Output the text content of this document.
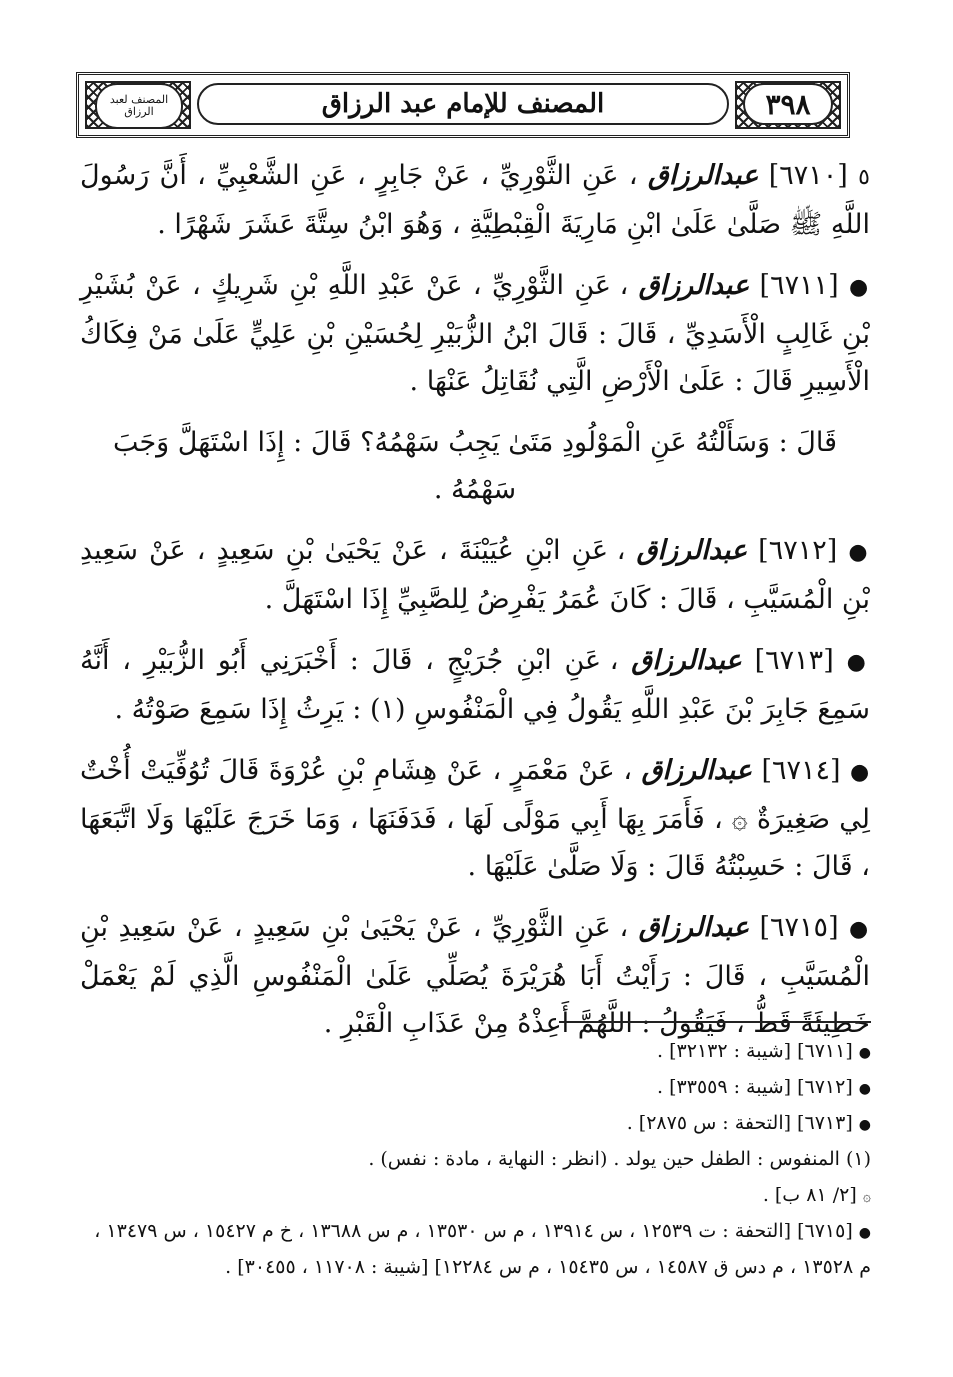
المصنف لعبد الرزاق	المصنف للإمام عبد الرزاق	٣٩٨

٥ [٦٧١٠] عبدالرزاق ، عَنِ الثَّوْرِيِّ ، عَنْ جَابِرٍ ، عَنِ الشَّعْبِيِّ ، أَنَّ رَسُولَ اللَّهِ ﷺ صَلَّىٰ عَلَىٰ ابْنِ مَارِيَةَ الْقِبْطِيَّةِ ، وَهُوَ ابْنُ سِتَّةَ عَشَرَ شَهْرًا .

● [٦٧١١] عبدالرزاق ، عَنِ الثَّوْرِيِّ ، عَنْ عَبْدِ اللَّهِ بْنِ شَرِيكٍ ، عَنْ بُشَيْرِ بْنِ غَالِبٍ الْأَسَدِيِّ ، قَالَ : قَالَ ابْنُ الزُّبَيْرِ لِحُسَيْنِ بْنِ عَلِيٍّ عَلَىٰ مَنْ فِكَاكُ الْأَسِيرِ قَالَ : عَلَىٰ الْأَرْضِ الَّتِي نُقَاتِلُ عَنْهَا .

قَالَ : وَسَأَلْتُهُ عَنِ الْمَوْلُودِ مَتَىٰ يَجِبُ سَهْمُهُ؟ قَالَ : إِذَا اسْتَهَلَّ وَجَبَ سَهْمُهُ .

● [٦٧١٢] عبدالرزاق ، عَنِ ابْنِ عُيَيْنَةَ ، عَنْ يَحْيَىٰ بْنِ سَعِيدٍ ، عَنْ سَعِيدِ بْنِ الْمُسَيَّبِ ، قَالَ : كَانَ عُمَرُ يَفْرِضُ لِلصَّبِيِّ إِذَا اسْتَهَلَّ .

● [٦٧١٣] عبدالرزاق ، عَنِ ابْنِ جُرَيْجٍ ، قَالَ : أَخْبَرَنِي أَبُو الزُّبَيْرِ ، أَنَّهُ سَمِعَ جَابِرَ بْنَ عَبْدِ اللَّهِ يَقُولُ فِي الْمَنْفُوسِ (١) : يَرِثُ إِذَا سَمِعَ صَوْتُهُ .

● [٦٧١٤] عبدالرزاق ، عَنْ مَعْمَرٍ ، عَنْ هِشَامِ بْنِ عُرْوَةَ قَالَ تُوُفِّيَتْ أُخْتٌ لِي صَغِيرَةٌ ۞ ، فَأَمَرَ بِهَا أَبِي مَوْلًى لَهَا ، فَدَفَنَهَا ، وَمَا خَرَجَ عَلَيْهَا وَلَا اتَّبَعَهَا ، قَالَ : حَسِبْتُهُ قَالَ : وَلَا صَلَّىٰ عَلَيْهَا .

● [٦٧١٥] عبدالرزاق ، عَنِ الثَّوْرِيِّ ، عَنْ يَحْيَىٰ بْنِ سَعِيدٍ ، عَنْ سَعِيدِ بْنِ الْمُسَيَّبِ ، قَالَ : رَأَيْتُ أَبَا هُرَيْرَةَ يُصَلِّي عَلَىٰ الْمَنْفُوسِ الَّذِي لَمْ يَعْمَلْ خَطِيئَةً قَطُّ ، فَيَقُولُ : اللَّهُمَّ أَعِذْهُ مِنْ عَذَابِ الْقَبْرِ .

● [٦٧١١] [شيبة : ٣٢١٣٢] .

● [٦٧١٢] [شيبة : ٣٣٥٥٩] .

● [٦٧١٣] [التحفة : س ٢٨٧٥] .

(١) المنفوس : الطفل حين يولد . (انظر : النهاية ، مادة : نفس) .

۞ [٢/ ٨١ ب] .

● [٦٧١٥] [التحفة : ت ١٢٥٣٩ ، س ١٣٩١٤ ، م س ١٣٥٣٠ ، م س ١٣٦٨٨ ، خ م ١٥٤٢٧ ، س ١٣٤٧٩ ، م ١٣٥٢٨ ، م دس ق ١٤٥٨٧ ، س ١٥٤٣٥ ، م س ١٢٢٨٤] [شيبة : ١١٧٠٨ ، ٣٠٤٥٥] .
